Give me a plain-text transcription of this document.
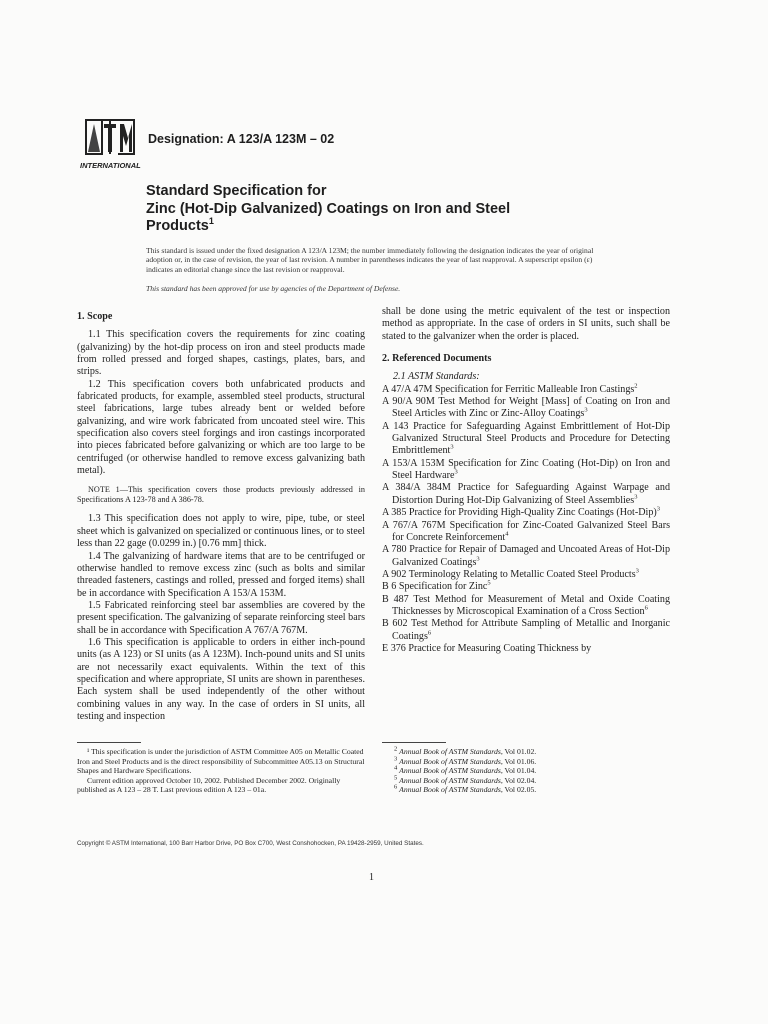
INTERNATIONAL
Designation: A 123/A 123M – 02
Standard Specification for
Zinc (Hot-Dip Galvanized) Coatings on Iron and Steel
Products$^1$

This standard is issued under the fixed designation A 123/A 123M; the number immediately following the designation indicates the year of original adoption or, in the case of revision, the year of last revision. A number in parentheses indicates the year of last reapproval. A superscript epsilon (ε) indicates an editorial change since the last revision or reapproval.

This standard has been approved for use by agencies of the Department of Defense.

1. Scope

1.1 This specification covers the requirements for zinc coating (galvanizing) by the hot-dip process on iron and steel products made from rolled pressed and forged shapes, castings, plates, bars, and strips.

1.2 This specification covers both unfabricated products and fabricated products, for example, assembled steel products, structural steel fabrications, large tubes already bent or welded before galvanizing, and wire work fabricated from uncoated steel wire. This specification also covers steel forgings and iron castings incorporated into pieces fabricated before galvanizing or which are too large to be centrifuged (or otherwise handled to remove excess galvanizing bath metal).

NOTE 1—This specification covers those products previously addressed in Specifications A 123-78 and A 386-78.

1.3 This specification does not apply to wire, pipe, tube, or steel sheet which is galvanized on specialized or continuous lines, or to steel less than 22 gage (0.0299 in.) [0.76 mm] thick.

1.4 The galvanizing of hardware items that are to be centrifuged or otherwise handled to remove excess zinc (such as bolts and similar threaded fasteners, castings and rolled, pressed and forged items) shall be in accordance with Specification A 153/A 153M.

1.5 Fabricated reinforcing steel bar assemblies are covered by the present specification. The galvanizing of separate reinforcing steel bars shall be in accordance with Specification A 767/A 767M.

1.6 This specification is applicable to orders in either inch-pound units (as A 123) or SI units (as A 123M). Inch-pound units and SI units are not necessarily exact equivalents. Within the text of this specification and where appropriate, SI units are shown in parentheses. Each system shall be used independently of the other without combining values in any way. In the case of orders in SI units, all testing and inspection

shall be done using the metric equivalent of the test or inspection method as appropriate. In the case of orders in SI units, such shall be stated to the galvanizer when the order is placed.

2. Referenced Documents

2.1 ASTM Standards:

A 47/A 47M Specification for Ferritic Malleable Iron Castings$^2$

A 90/A 90M Test Method for Weight [Mass] of Coating on Iron and Steel Articles with Zinc or Zinc-Alloy Coatings$^3$

A 143 Practice for Safeguarding Against Embrittlement of Hot-Dip Galvanized Structural Steel Products and Procedure for Detecting Embrittlement$^3$

A 153/A 153M Specification for Zinc Coating (Hot-Dip) on Iron and Steel Hardware$^3$

A 384/A 384M Practice for Safeguarding Against Warpage and Distortion During Hot-Dip Galvanizing of Steel Assemblies$^3$

A 385 Practice for Providing High-Quality Zinc Coatings $(Hot-Dip)^3$

A 767/A 767M Specification for Zinc-Coated Galvanized Steel Bars for Concrete Reinforcement$^4$

A 780 Practice for Repair of Damaged and Uncoated Areas of Hot-Dip Galvanized Coatings$^3$

A 902 Terminology Relating to Metallic Coated Steel Products$^3$

B 6 Specification for Zinc$^5$

B 487 Test Method for Measurement of Metal and Oxide Coating Thicknesses by Microscopical Examination of a Cross Section$^6$

B 602 Test Method for Attribute Sampling of Metallic and Inorganic Coatings$^6$

E 376 Practice for Measuring Coating Thickness by

¹ This specification is under the jurisdiction of ASTM Committee A05 on Metallic Coated Iron and Steel Products and is the direct responsibility of Subcommittee A05.13 on Structural Shapes and Hardware Specifications.

Current edition approved October 10, 2002. Published December 2002. Originally published as A 123 – 28 T. Last previous edition A 123 – 01a.

$^2$ Annual Book of ASTM Standards, Vol 01.02.

$^3$ Annual Book of ASTM Standards, Vol 01.06.

$^4$ Annual Book of ASTM Standards, Vol 01.04.

$^5$ Annual Book of ASTM Standards, Vol 02.04.

$^6$ Annual Book of ASTM Standards, Vol 02.05.

Copyright © ASTM International, 100 Barr Harbor Drive, PO Box C700, West Conshohocken, PA 19428-2959, United States.
1
